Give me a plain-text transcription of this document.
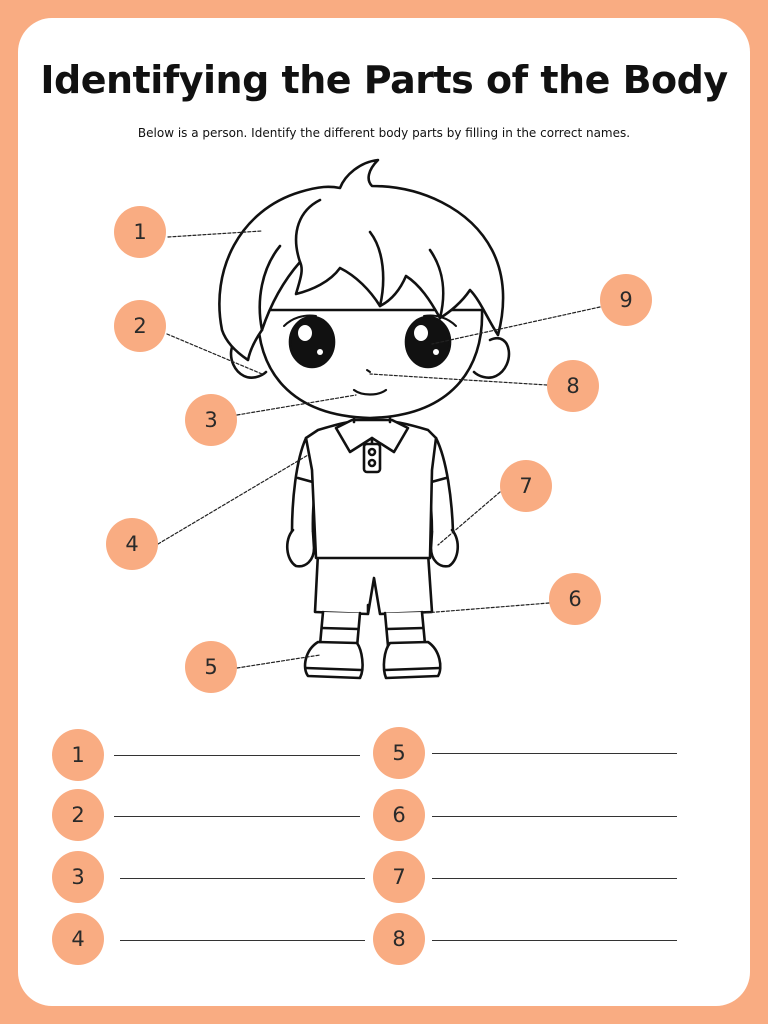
Identifying the Parts of the Body

Below is a person. Identify the different body parts by filling in the correct names.

1
2
3
4
5
6
7
8
9
1
2
3
4
5
6
7
8
